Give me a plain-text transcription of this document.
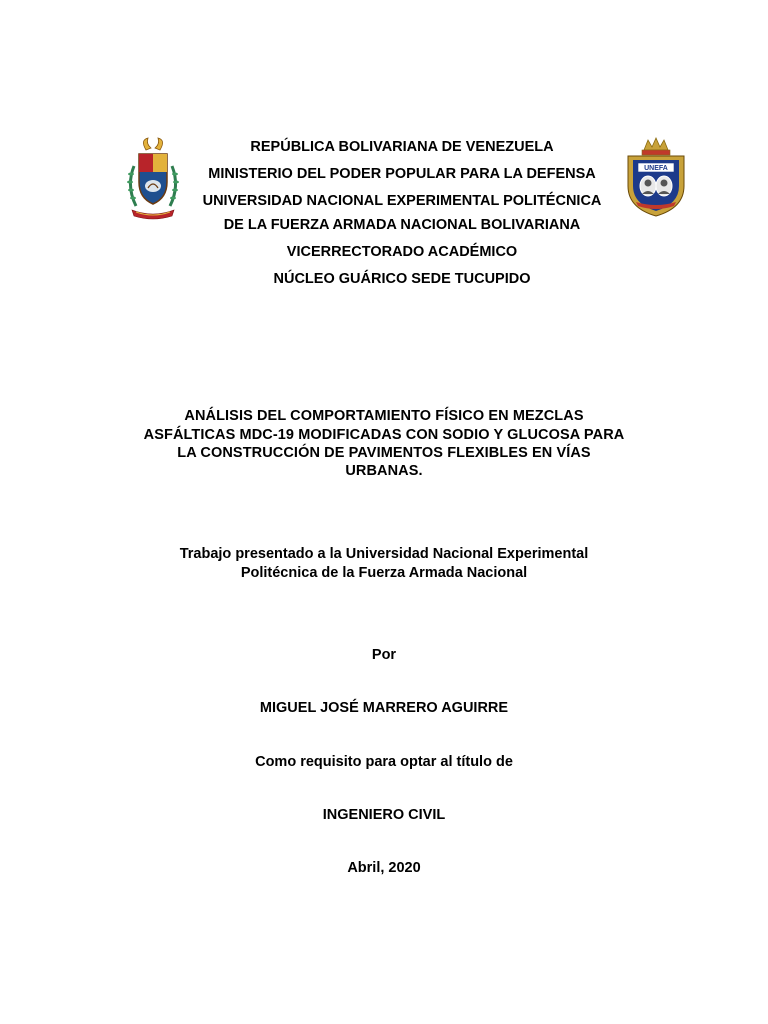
UNEFA
REPÚBLICA BOLIVARIANA DE VENEZUELA
MINISTERIO DEL PODER POPULAR PARA LA DEFENSA
UNIVERSIDAD NACIONAL EXPERIMENTAL POLITÉCNICA
DE LA FUERZA ARMADA NACIONAL BOLIVARIANA
VICERRECTORADO ACADÉMICO
NÚCLEO GUÁRICO SEDE TUCUPIDO
ANÁLISIS DEL COMPORTAMIENTO FÍSICO EN MEZCLAS
ASFÁLTICAS MDC-19 MODIFICADAS CON SODIO Y GLUCOSA PARA
LA CONSTRUCCIÓN DE PAVIMENTOS FLEXIBLES EN VÍAS
URBANAS.
Trabajo presentado a la Universidad Nacional Experimental
Politécnica de la Fuerza Armada Nacional
Por
MIGUEL JOSÉ MARRERO AGUIRRE
Como requisito para optar al título de
INGENIERO CIVIL
Abril, 2020
